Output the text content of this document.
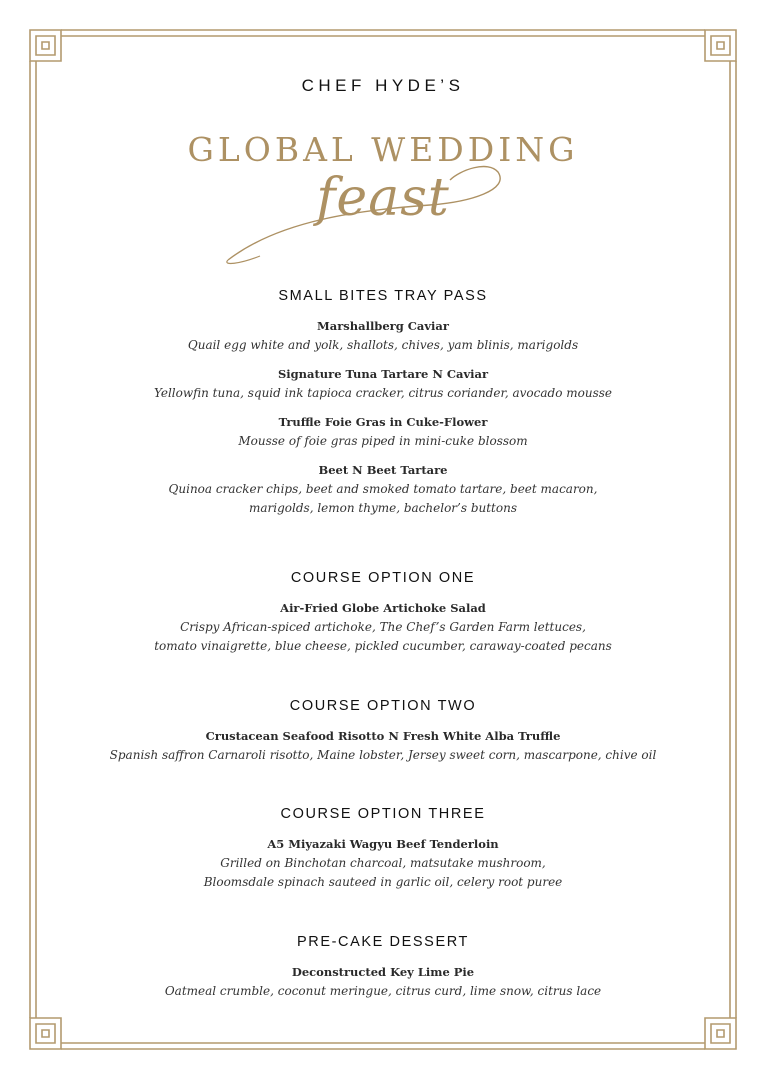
CHEF HYDE’S
GLOBAL WEDDING
feast
SMALL BITES TRAY PASS
Marshallberg Caviar
Quail egg white and yolk, shallots, chives, yam blinis, marigolds
Signature Tuna Tartare N Caviar
Yellowfin tuna, squid ink tapioca cracker, citrus coriander, avocado mousse
Truffle Foie Gras in Cuke-Flower
Mousse of foie gras piped in mini-cuke blossom
Beet N Beet Tartare
Quinoa cracker chips, beet and smoked tomato tartare, beet macaron,
marigolds, lemon thyme, bachelor’s buttons
COURSE OPTION ONE
Air-Fried Globe Artichoke Salad
Crispy African-spiced artichoke, The Chef’s Garden Farm lettuces,
tomato vinaigrette, blue cheese, pickled cucumber, caraway-coated pecans
COURSE OPTION TWO
Crustacean Seafood Risotto N Fresh White Alba Truffle
Spanish saffron Carnaroli risotto, Maine lobster, Jersey sweet corn, mascarpone, chive oil
COURSE OPTION THREE
A5 Miyazaki Wagyu Beef Tenderloin
Grilled on Binchotan charcoal, matsutake mushroom,
Bloomsdale spinach sauteed in garlic oil, celery root puree
PRE-CAKE DESSERT
Deconstructed Key Lime Pie
Oatmeal crumble, coconut meringue, citrus curd, lime snow, citrus lace
